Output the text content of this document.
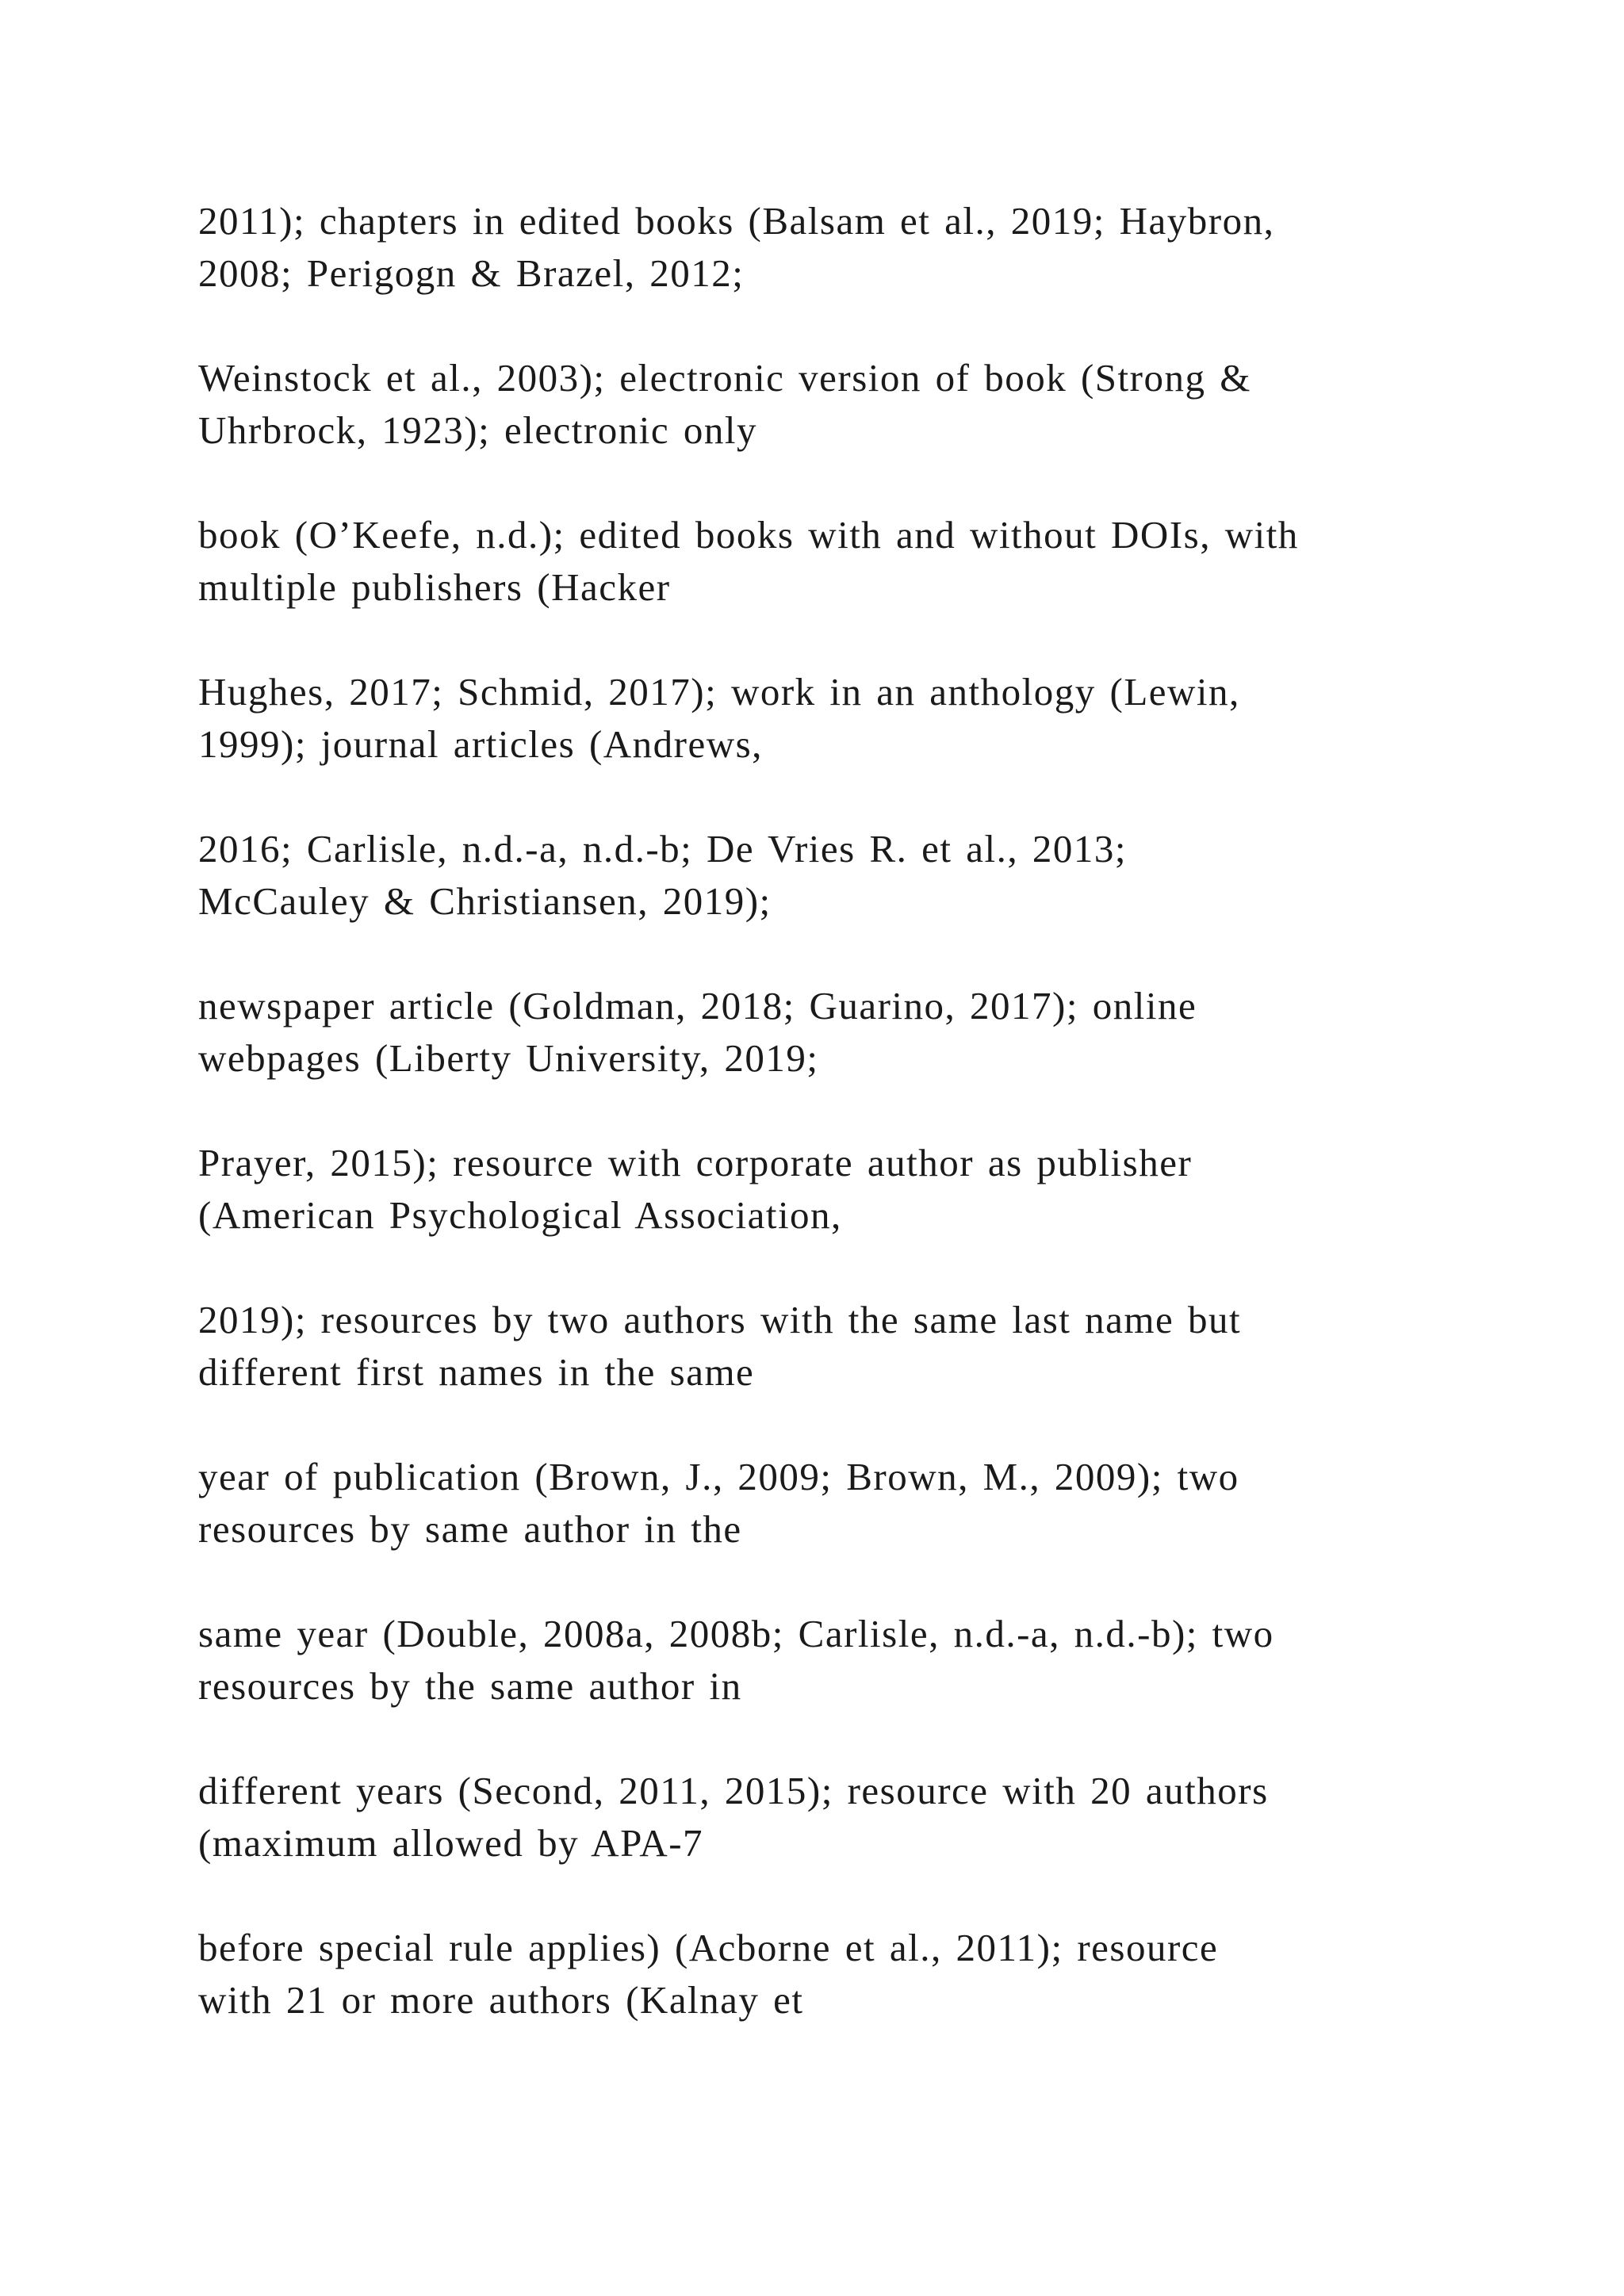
2011); chapters in edited books (Balsam et al., 2019; Haybron,
2008; Perigogn & Brazel, 2012;

Weinstock et al., 2003); electronic version of book (Strong &
Uhrbrock, 1923); electronic only

book (O’Keefe, n.d.); edited books with and without DOIs, with
multiple publishers (Hacker

Hughes, 2017; Schmid, 2017); work in an anthology (Lewin,
1999); journal articles (Andrews,

2016; Carlisle, n.d.-a, n.d.-b; De Vries R. et al., 2013;
McCauley & Christiansen, 2019);

newspaper article (Goldman, 2018; Guarino, 2017); online
webpages (Liberty University, 2019;

Prayer, 2015); resource with corporate author as publisher
(American Psychological Association,

2019); resources by two authors with the same last name but
different first names in the same

year of publication (Brown, J., 2009; Brown, M., 2009); two
resources by same author in the

same year (Double, 2008a, 2008b; Carlisle, n.d.-a, n.d.-b); two
resources by the same author in

different years (Second, 2011, 2015); resource with 20 authors
(maximum allowed by APA-7

before special rule applies) (Acborne et al., 2011); resource
with 21 or more authors (Kalnay et
